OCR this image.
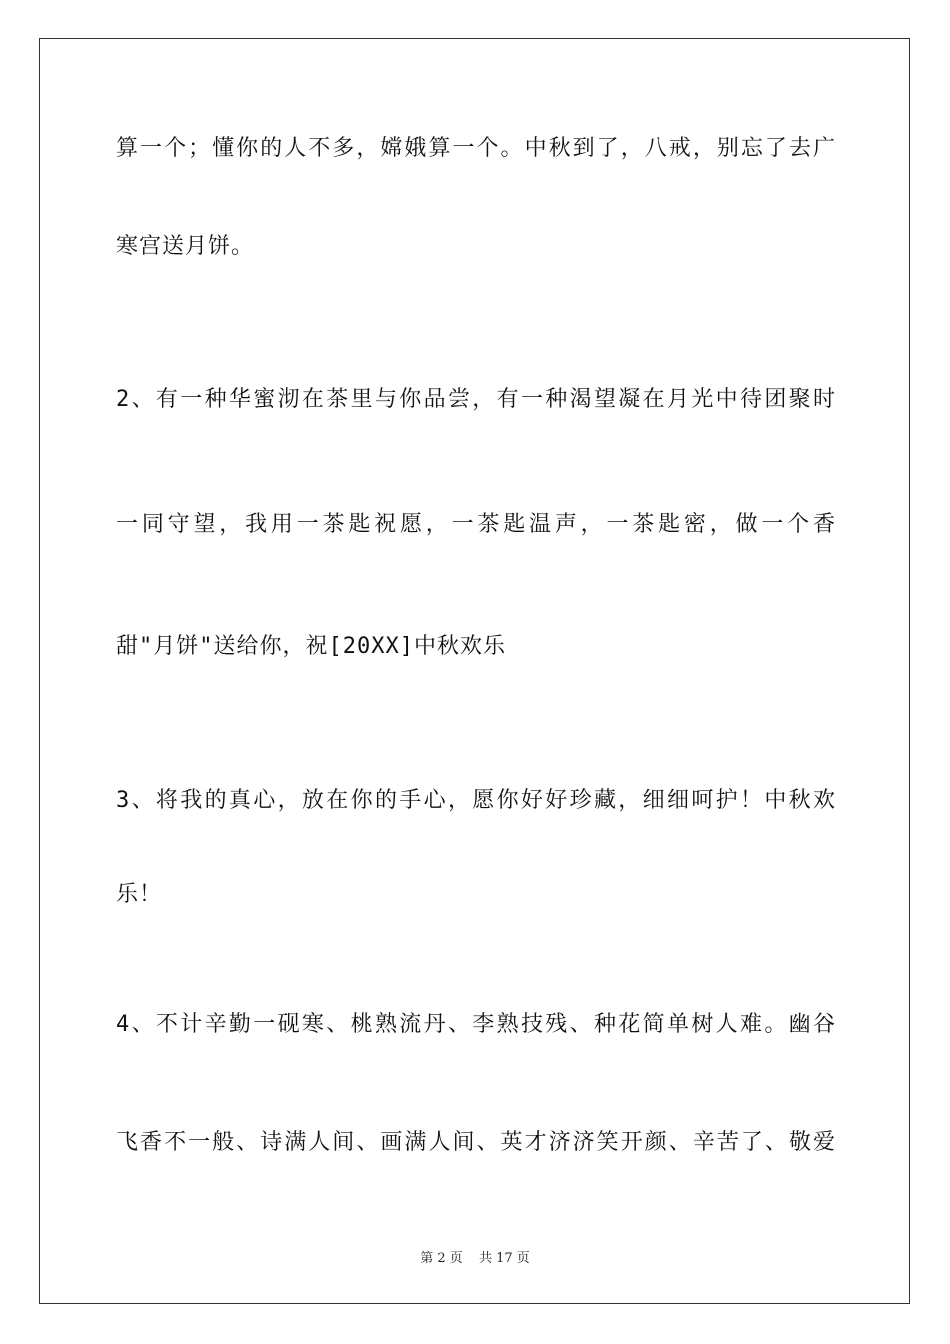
算一个；懂你的人不多，嫦娥算一个。中秋到了，八戒，别忘了去广
寒宫送月饼。
2、有一种华蜜沏在茶里与你品尝，有一种渴望凝在月光中待团聚时
一同守望，我用一茶匙祝愿，一茶匙温声，一茶匙密，做一个香
甜"月饼"送给你，祝[20XX]中秋欢乐
3、将我的真心，放在你的手心，愿你好好珍藏，细细呵护！中秋欢
乐！
4、不计辛勤一砚寒、桃熟流丹、李熟技残、种花简单树人难。幽谷
飞香不一般、诗满人间、画满人间、英才济济笑开颜、辛苦了、敬爱
第 2 页 共 17 页
